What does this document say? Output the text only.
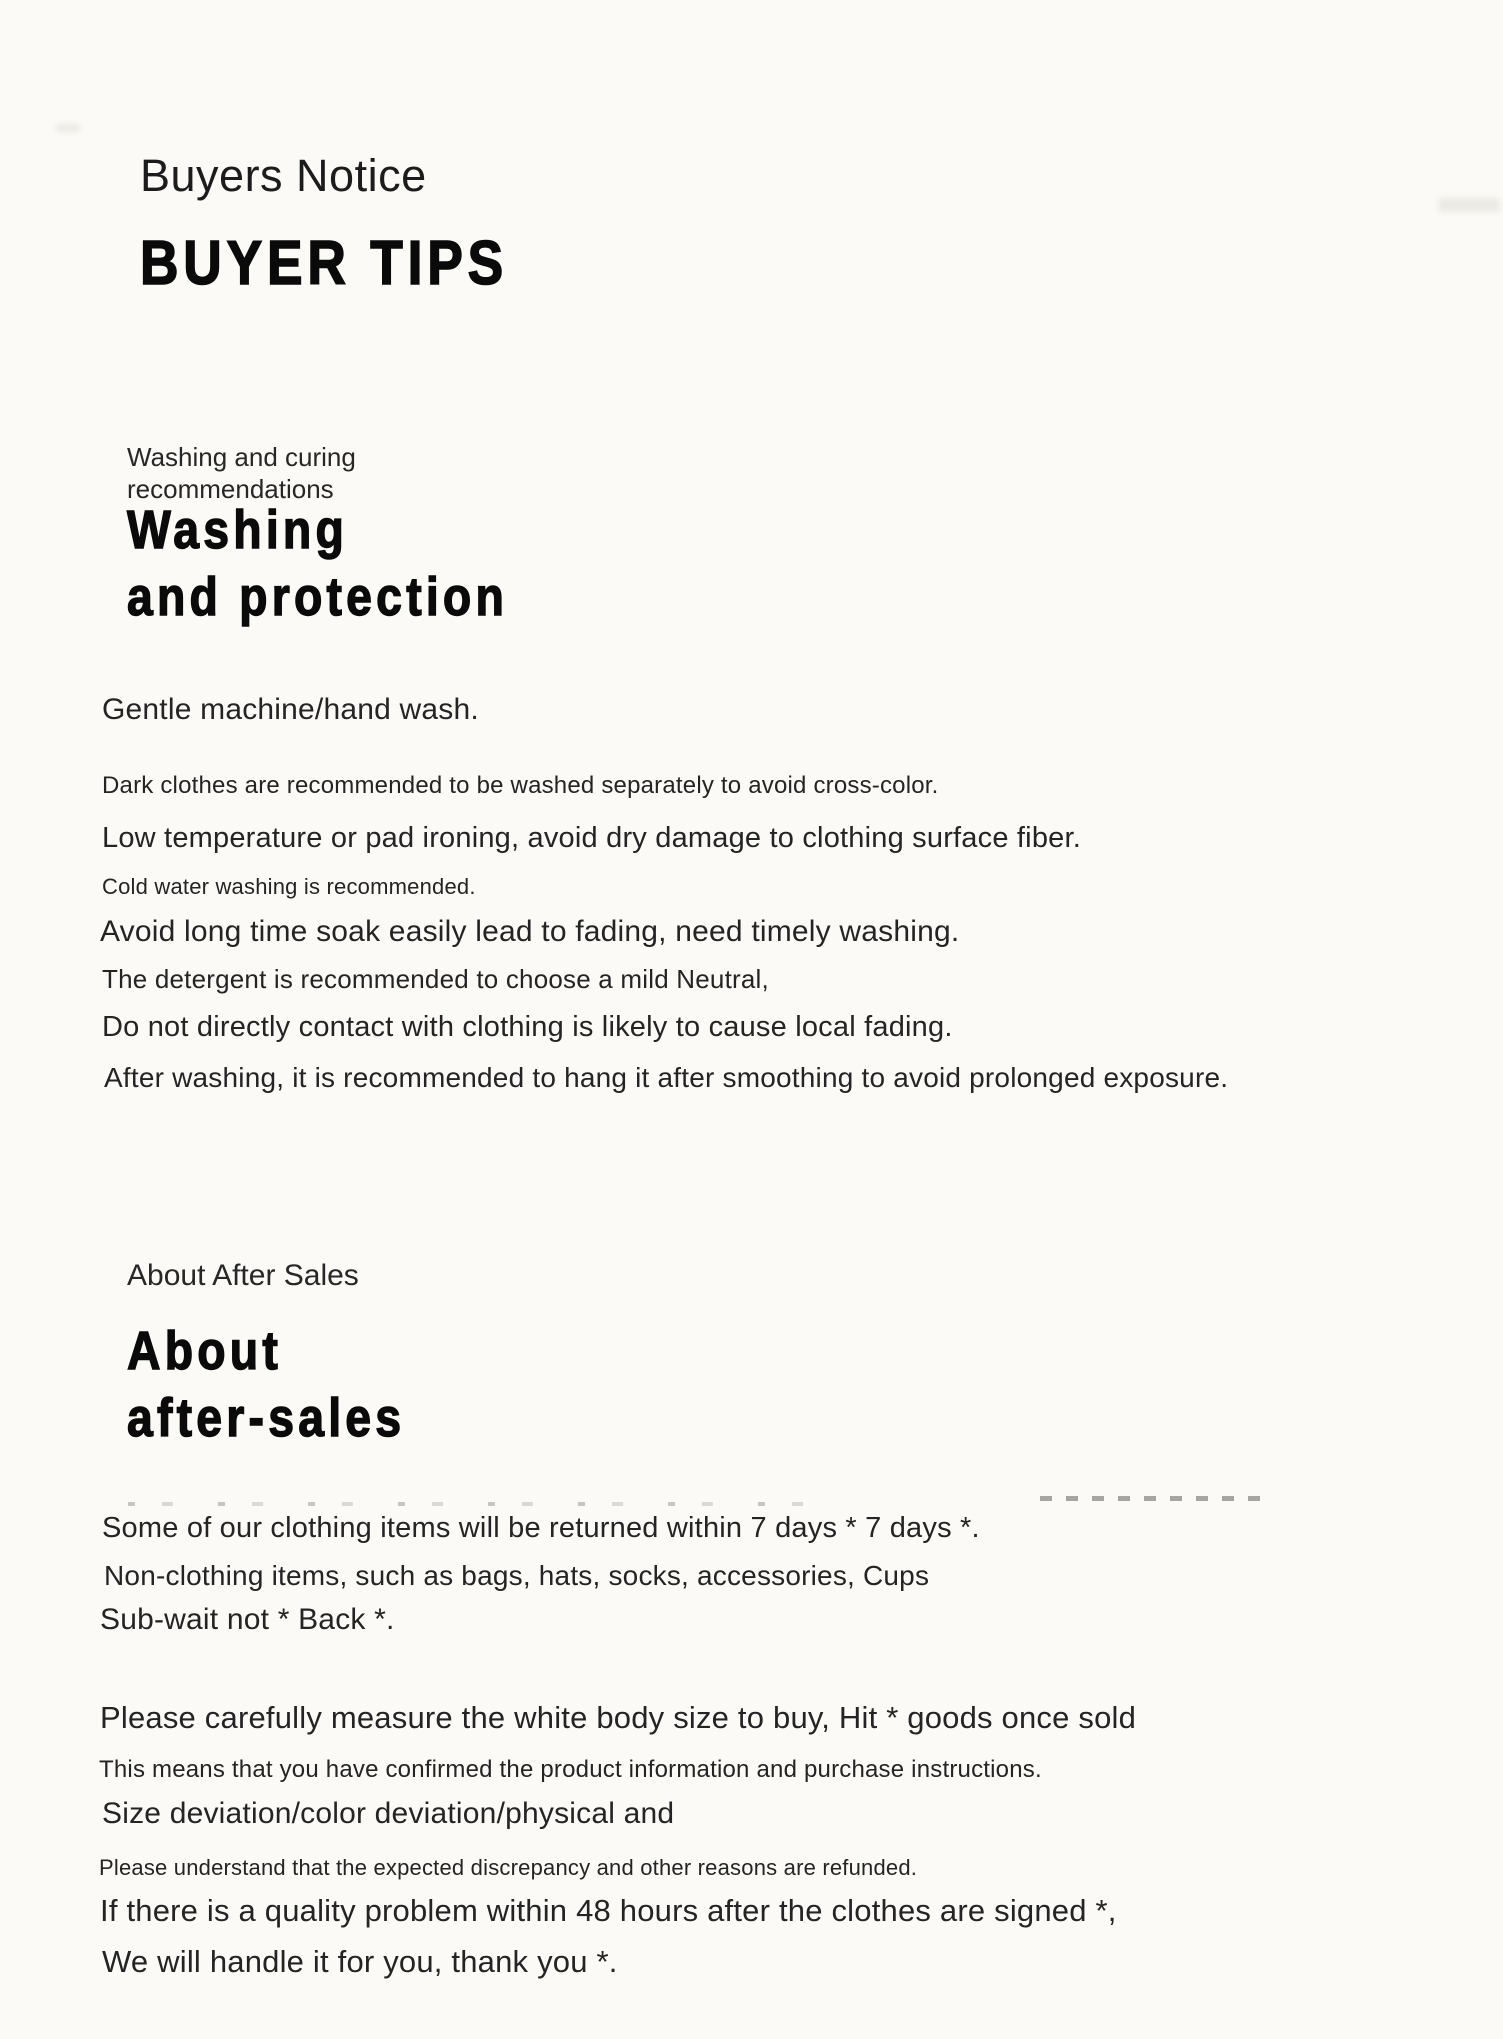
Buyers Notice

BUYER TIPS

Washing and curing
recommendations
Washing
and protection

Gentle machine/hand wash.

Dark clothes are recommended to be washed separately to avoid cross-color.

Low temperature or pad ironing, avoid dry damage to clothing surface fiber.

Cold water washing is recommended.

Avoid long time soak easily lead to fading, need timely washing.

The detergent is recommended to choose a mild Neutral,

Do not directly contact with clothing is likely to cause local fading.

After washing, it is recommended to hang it after smoothing to avoid prolonged exposure.

About After Sales

About
after-sales

Some of our clothing items will be returned within 7 days * 7 days *.

Non-clothing items, such as bags, hats, socks, accessories, Cups

Sub-wait not * Back *.

Please carefully measure the white body size to buy, Hit * goods once sold

This means that you have confirmed the product information and purchase instructions.

Size deviation/color deviation/physical and

Please understand that the expected discrepancy and other reasons are refunded.

If there is a quality problem within 48 hours after the clothes are signed *,

We will handle it for you, thank you *.
